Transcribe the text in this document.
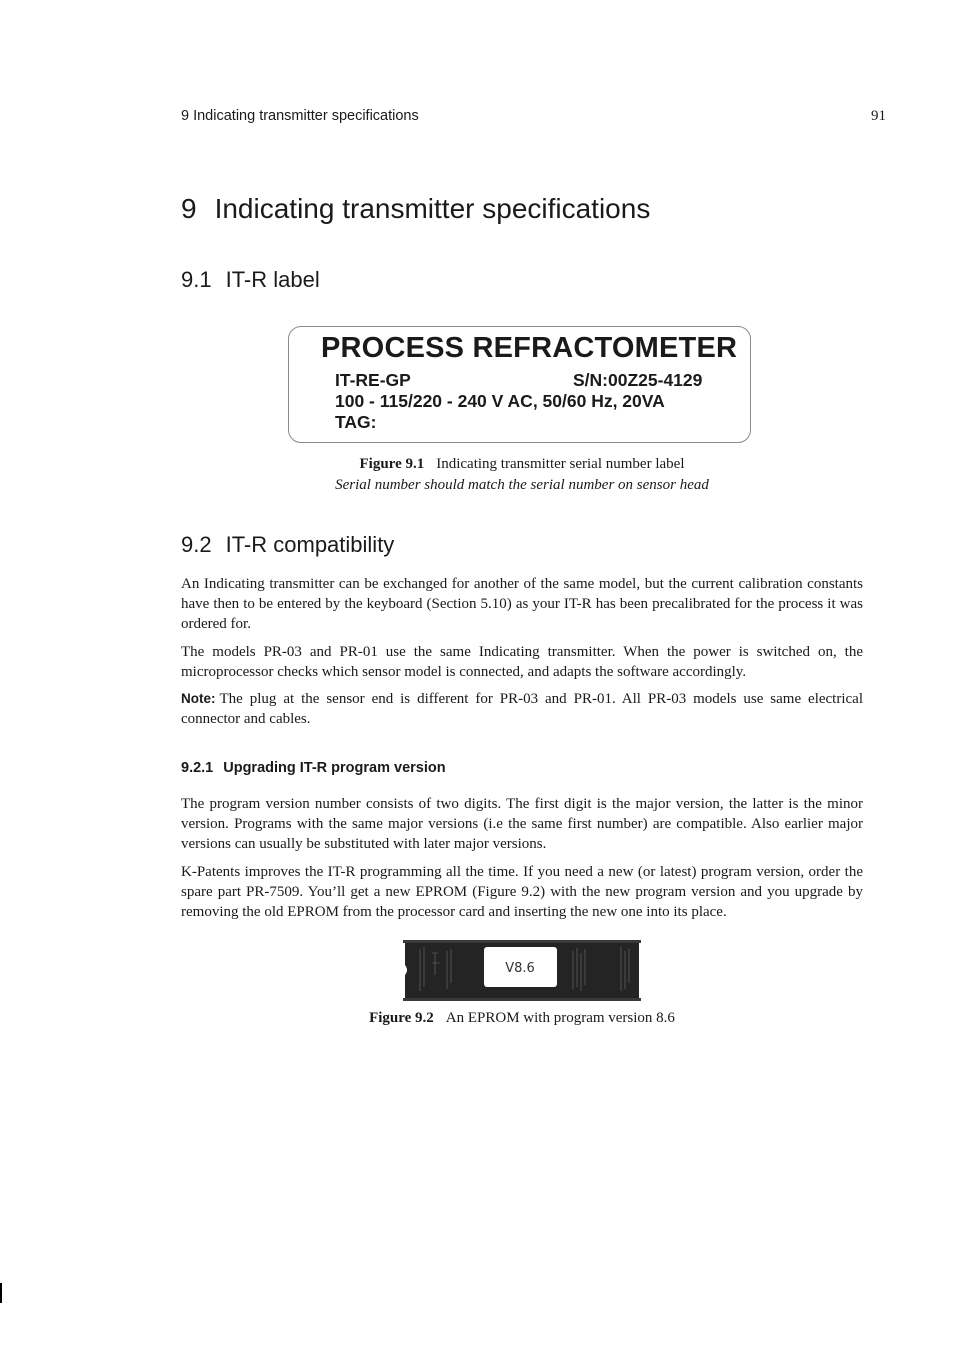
9 Indicating transmitter specifications	91
9 Indicating transmitter specifications
9.1 IT-R label
PROCESS REFRACTOMETER
IT-RE-GP	S/N:00Z25-4129
100 - 115/220 - 240 V AC, 50/60 Hz, 20VA
TAG:
Figure 9.1 Indicating transmitter serial number label
Serial number should match the serial number on sensor head
9.2 IT-R compatibility

An Indicating transmitter can be exchanged for another of the same model, but the current calibration constants have then to be entered by the keyboard (Section 5.10) as your IT-R has been precalibrated for the process it was ordered for.

The models PR-03 and PR-01 use the same Indicating transmitter. When the power is switched on, the microprocessor checks which sensor model is connected, and adapts the software accordingly.

Note: The plug at the sensor end is different for PR-03 and PR-01. All PR-03 models use same electrical connector and cables.

9.2.1 Upgrading IT-R program version

The program version number consists of two digits. The first digit is the major version, the latter is the minor version. Programs with the same major versions (i.e the same first number) are compatible. Also earlier major versions can usually be substituted with later major versions.

K-Patents improves the IT-R programming all the time. If you need a new (or latest) program version, order the spare part PR-7509. You’ll get a new EPROM (Figure 9.2) with the new program version and you upgrade by removing the old EPROM from the processor card and inserting the new one into its place.

V8.6
Figure 9.2 An EPROM with program version 8.6
